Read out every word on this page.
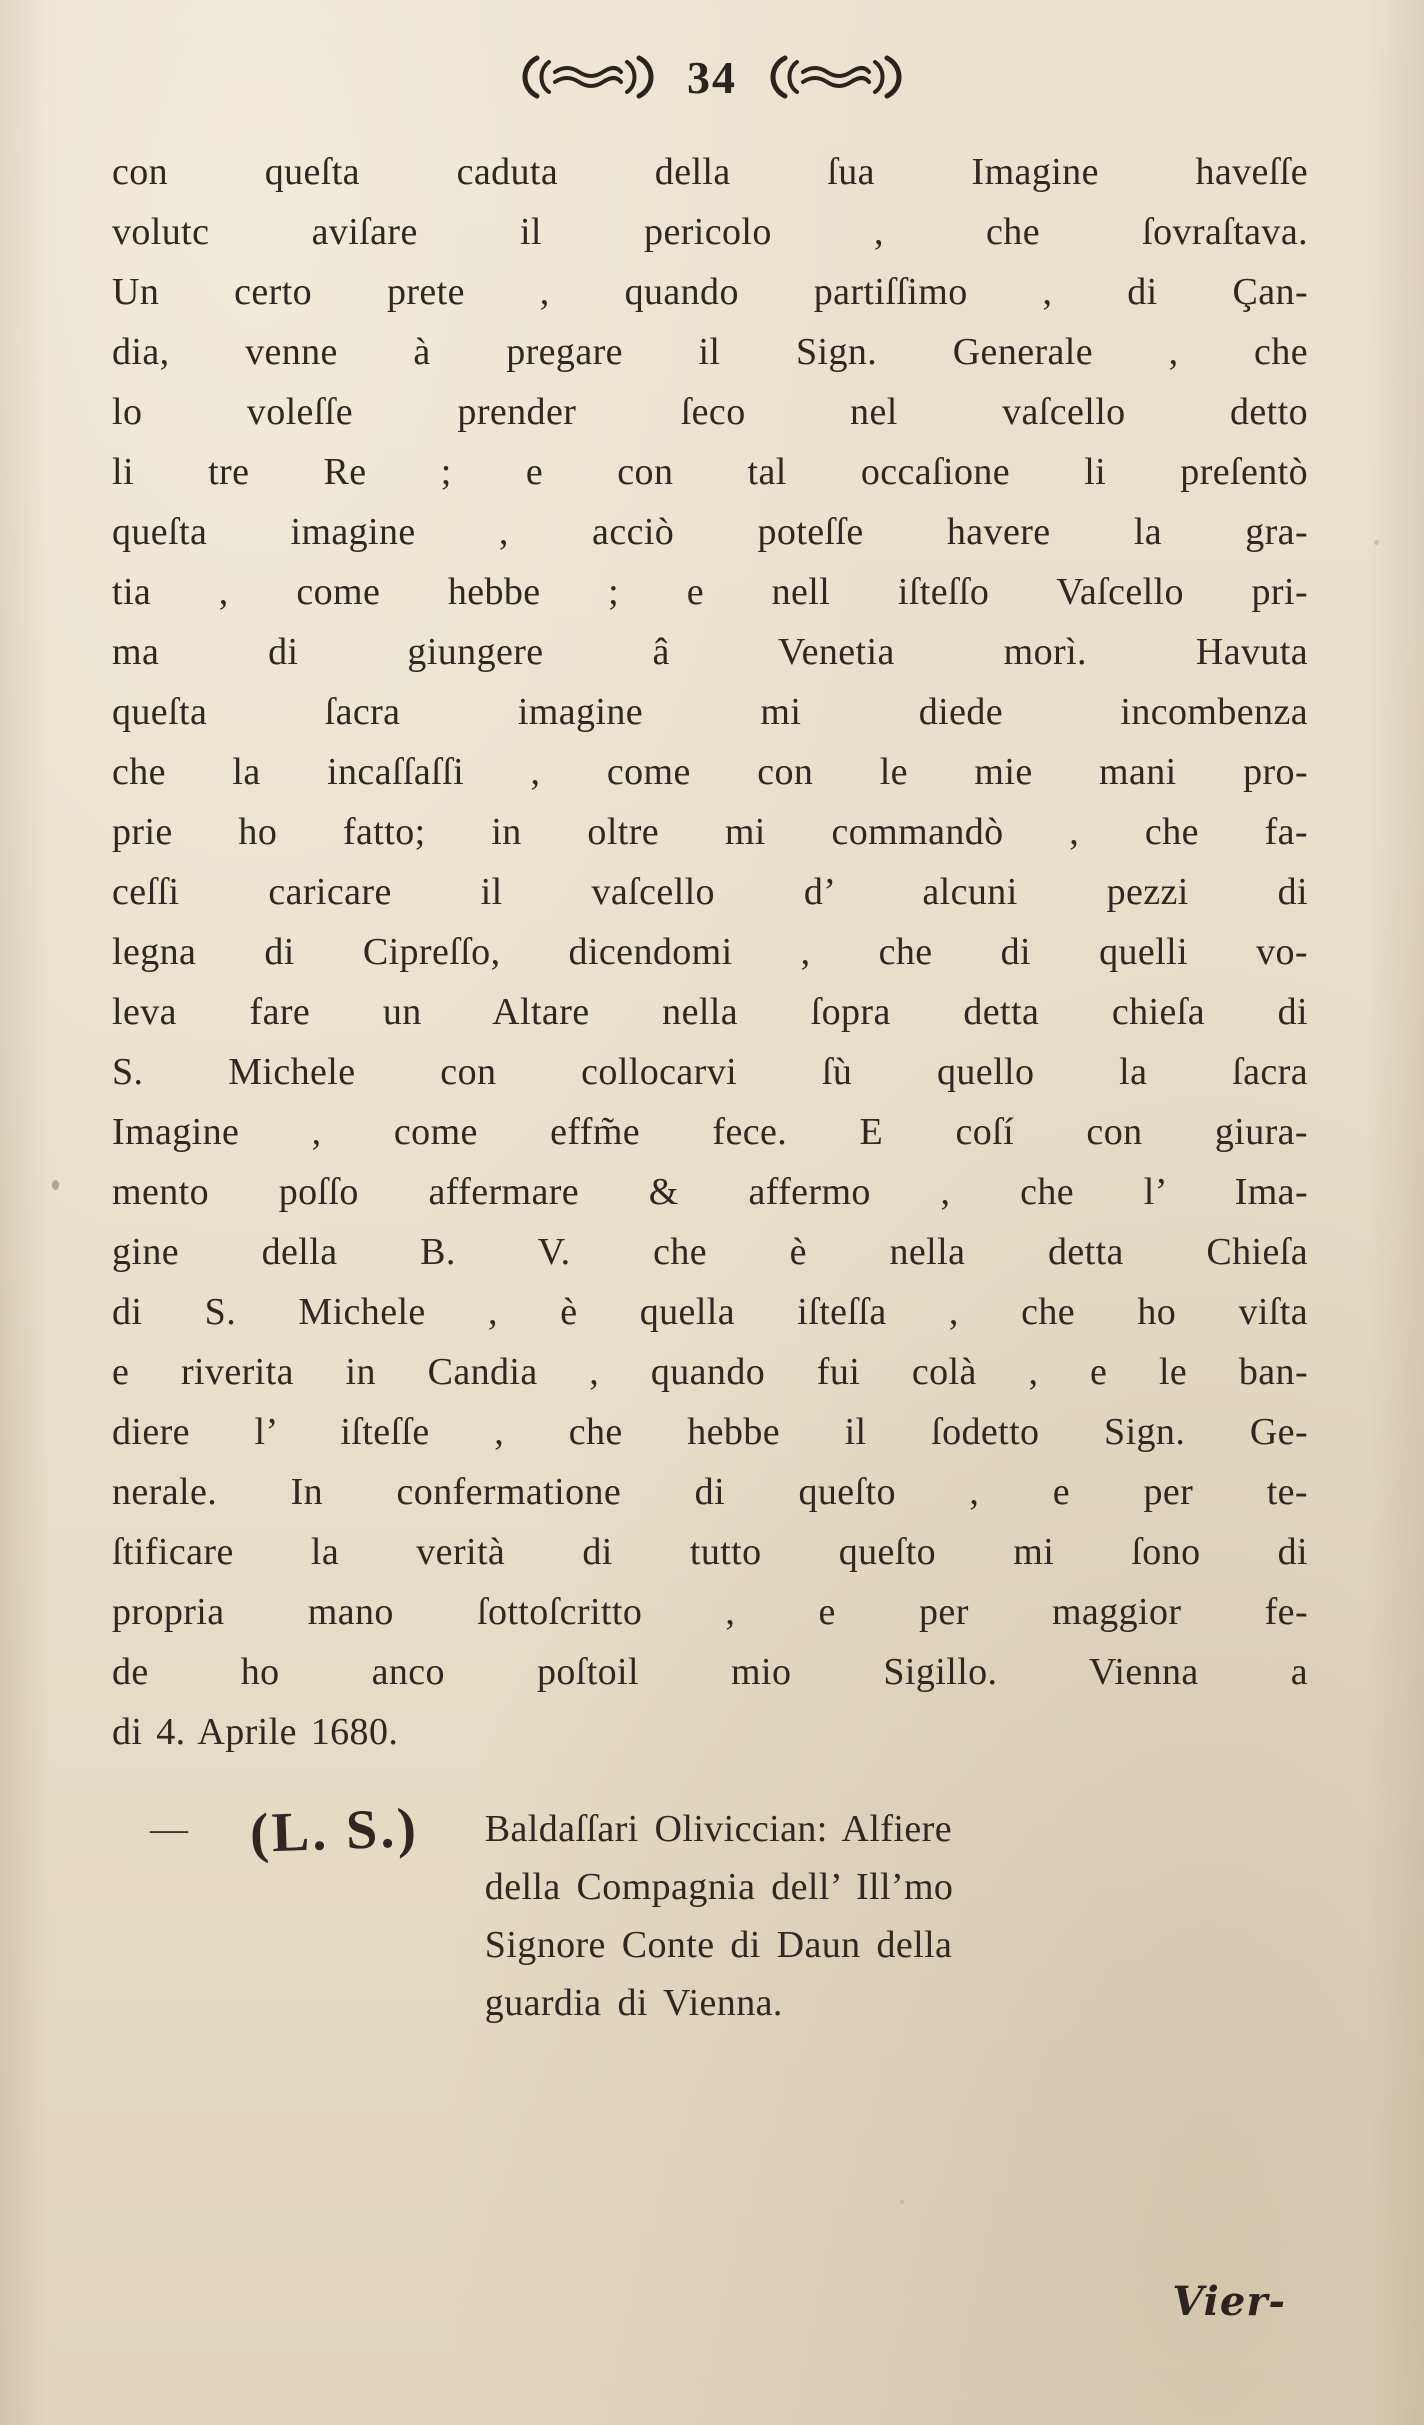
34
con queſta caduta della ſua Imagine haveſſe
volutc aviſare il pericolo , che ſovraſtava.
Un certo prete , quando partiſſimo , di Çan-
dia, venne à pregare il Sign. Generale , che
lo voleſſe prender ſeco nel vaſcello detto
li tre Re ; e con tal occaſione li preſentò
queſta imagine , acciò poteſſe havere la gra-
tia , come hebbe ; e nell iſteſſo Vaſcello pri-
ma di giungere â Venetia morì. Havuta
queſta ſacra imagine mi diede incombenza
che la incaſſaſſi , come con le mie mani pro-
prie ho fatto; in oltre mi commandò , che fa-
ceſſi caricare il vaſcello d’ alcuni pezzi di
legna di Cipreſſo, dicendomi , che di quelli vo-
leva fare un Altare nella ſopra detta chieſa di
S. Michele con collocarvi ſù quello la ſacra
Imagine , come effm̃e fece. E coſí con giura-
mento poſſo affermare & affermo , che l’ Ima-
gine della B. V. che è nella detta Chieſa
di S. Michele , è quella iſteſſa , che ho viſta
e riverita in Candia , quando fui colà , e le ban-
diere l’ iſteſſe , che hebbe il ſodetto Sign. Ge-
nerale. In confermatione di queſto , e per te-
ſtificare la verità di tutto queſto mi ſono di
propria mano ſottoſcritto , e per maggior fe-
de ho anco poſtoil mio Sigillo. Vienna a
di 4. Aprile 1680.
— (L. S.) Baldaſſari Oliviccian: Alfiere
della Compagnia dell’ Ill’mo
Signore Conte di Daun della
guardia di Vienna.
Vier-
